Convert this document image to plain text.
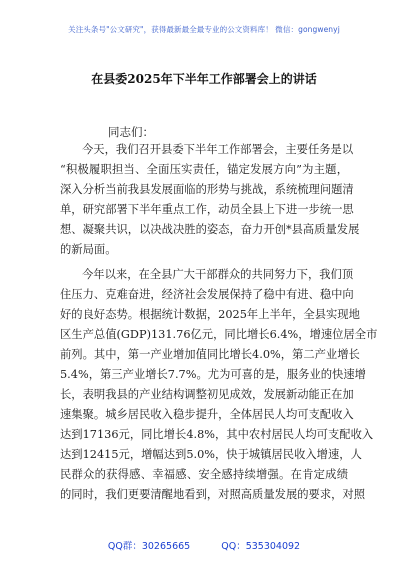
关注头条号"公文研究"，获得最新最全最专业的公文资料库！ 微信：gongwenyj
在县委2025年下半年工作部署会上的讲话
同志们：

今天，我们召开县委下半年工作部署会，主要任务是以
“积极履职担当、全面压实责任，锚定发展方向”为主题，
深入分析当前我县发展面临的形势与挑战，系统梳理问题清
单，研究部署下半年重点工作，动员全县上下进一步统一思
想、凝聚共识，以决战决胜的姿态，奋力开创*县高质量发展
的新局面。

今年以来，在全县广大干部群众的共同努力下，我们顶
住压力、克难奋进，经济社会发展保持了稳中有进、稳中向
好的良好态势。根据统计数据，2025年上半年，全县实现地
区生产总值(GDP)131.76亿元，同比增长6.4%，增速位居全市
前列。其中，第一产业增加值同比增长4.0%，第二产业增长
5.4%，第三产业增长7.7%。尤为可喜的是，服务业的快速增
长，表明我县的产业结构调整初见成效，发展新动能正在加
速集聚。城乡居民收入稳步提升，全体居民人均可支配收入
达到17136元，同比增长4.8%，其中农村居民人均可支配收入
达到12415元，增幅达到5.0%，快于城镇居民收入增速，人
民群众的获得感、幸福感、安全感持续增强。在肯定成绩
的同时，我们更要清醒地看到，对照高质量发展的要求，对照

QQ群：30265665	QQ：535304092
